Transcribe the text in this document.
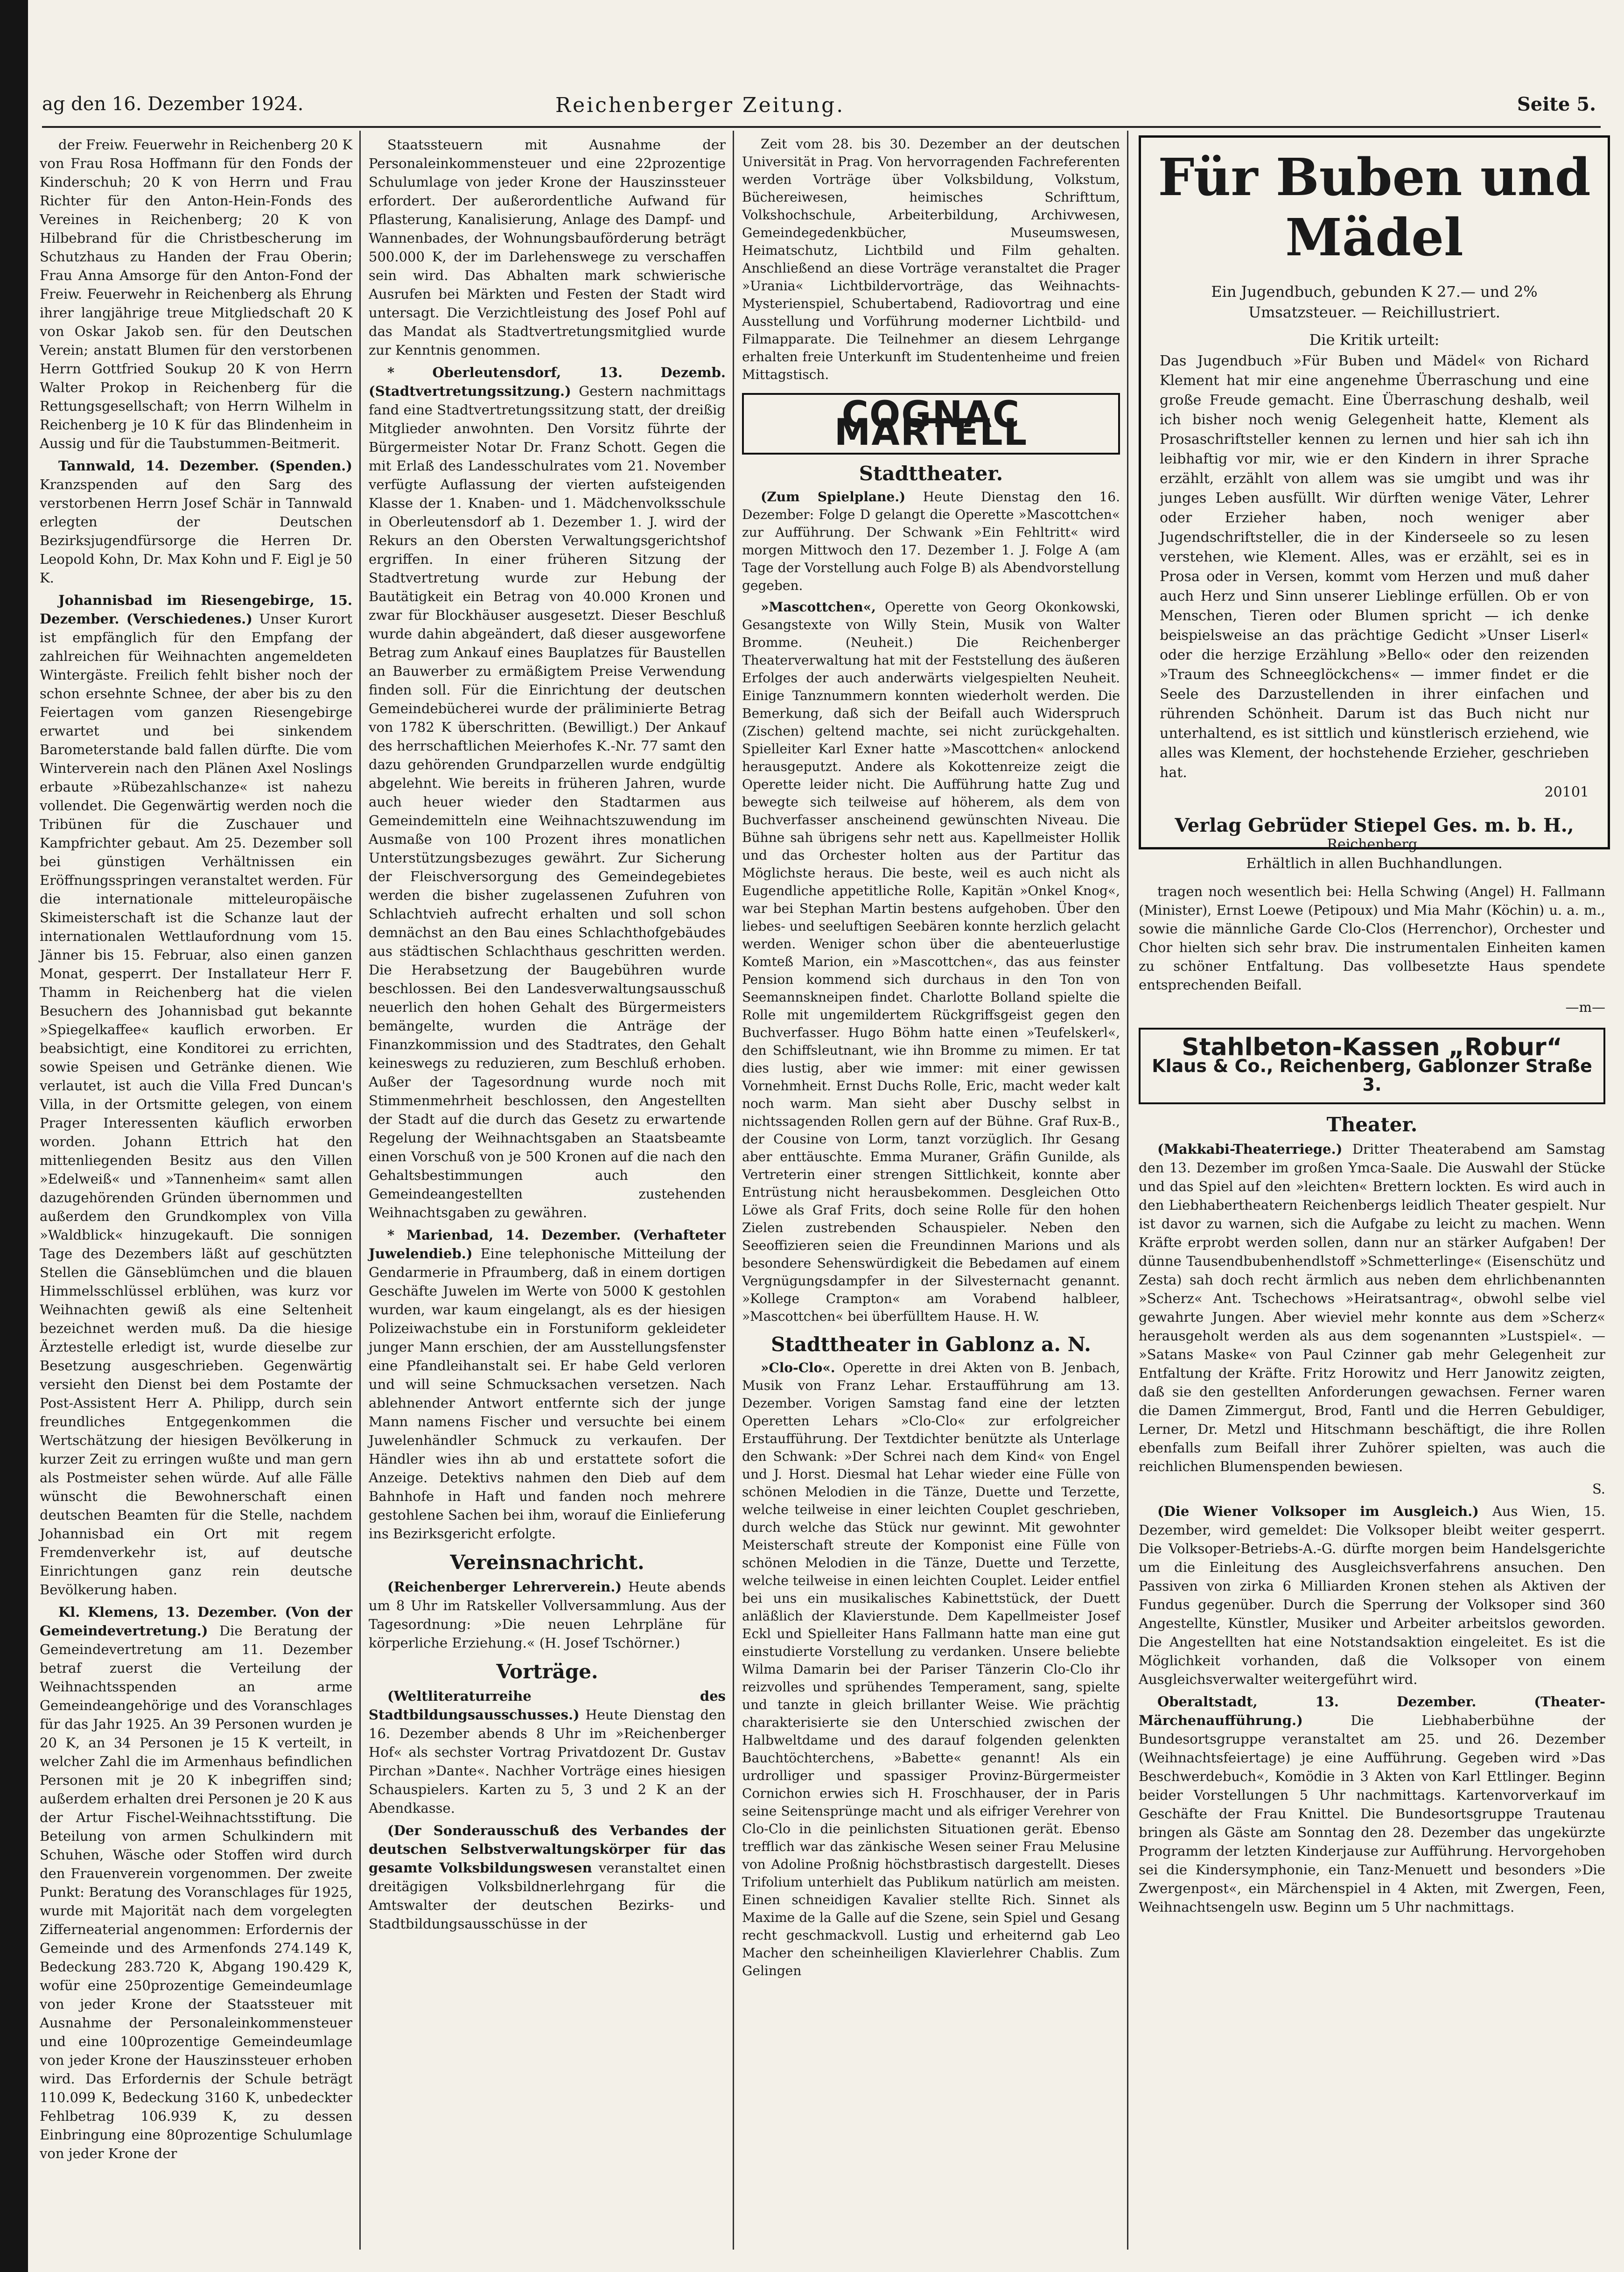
ag den 16. Dezember 1924.	Reichenberger Zeitung.	Seite 5.

der Freiw. Feuerwehr in Reichenberg 20 K von Frau Rosa Hoffmann für den Fonds der Kinderschuh; 20 K von Herrn und Frau Richter für den Anton-Hein-Fonds des Vereines in Reichenberg; 20 K von Hilbebrand für die Christbescherung im Schutzhaus zu Handen der Frau Oberin; Frau Anna Amsorge für den Anton-Fond der Freiw. Feuerwehr in Reichenberg als Ehrung ihrer langjährige treue Mitgliedschaft 20 K von Oskar Jakob sen. für den Deutschen Verein; anstatt Blumen für den verstorbenen Herrn Gottfried Soukup 20 K von Herrn Walter Prokop in Reichenberg für die Rettungsgesellschaft; von Herrn Wilhelm in Reichenberg je 10 K für das Blindenheim in Aussig und für die Taubstummen-Beitmerit.

Tannwald, 14. Dezember. (Spenden.) Kranzspenden auf den Sarg des verstorbenen Herrn Josef Schär in Tannwald erlegten der Deutschen Bezirksjugendfürsorge die Herren Dr. Leopold Kohn, Dr. Max Kohn und F. Eigl je 50 K.

Johannisbad im Riesengebirge, 15. Dezember. (Verschiedenes.) Unser Kurort ist empfänglich für den Empfang der zahlreichen für Weihnachten angemeldeten Wintergäste. Freilich fehlt bisher noch der schon ersehnte Schnee, der aber bis zu den Feiertagen vom ganzen Riesengebirge erwartet und bei sinkendem Barometerstande bald fallen dürfte. Die vom Winterverein nach den Plänen Axel Noslings erbaute »Rübezahlschanze« ist nahezu vollendet. Die Gegenwärtig werden noch die Tribünen für die Zuschauer und Kampfrichter gebaut. Am 25. Dezember soll bei günstigen Verhältnissen ein Eröffnungsspringen veranstaltet werden. Für die internationale mitteleuropäische Skimeisterschaft ist die Schanze laut der internationalen Wettlaufordnung vom 15. Jänner bis 15. Februar, also einen ganzen Monat, gesperrt. Der Installateur Herr F. Thamm in Reichenberg hat die vielen Besuchern des Johannisbad gut bekannte »Spiegelkaffee« kauflich erworben. Er beabsichtigt, eine Konditorei zu errichten, sowie Speisen und Getränke dienen. Wie verlautet, ist auch die Villa Fred Duncan's Villa, in der Ortsmitte gelegen, von einem Prager Interessenten käuflich erworben worden. Johann Ettrich hat den mittenliegenden Besitz aus den Villen »Edelweiß« und »Tannenheim« samt allen dazugehörenden Gründen übernommen und außerdem den Grundkomplex von Villa »Waldblick« hinzugekauft. Die sonnigen Tage des Dezembers läßt auf geschützten Stellen die Gänseblümchen und die blauen Himmelsschlüssel erblühen, was kurz vor Weihnachten gewiß als eine Seltenheit bezeichnet werden muß. Da die hiesige Ärztestelle erledigt ist, wurde dieselbe zur Besetzung ausgeschrieben. Gegenwärtig versieht den Dienst bei dem Postamte der Post-Assistent Herr A. Philipp, durch sein freundliches Entgegenkommen die Wertschätzung der hiesigen Bevölkerung in kurzer Zeit zu erringen wußte und man gern als Postmeister sehen würde. Auf alle Fälle wünscht die Bewohnerschaft einen deutschen Beamten für die Stelle, nachdem Johannisbad ein Ort mit regem Fremdenverkehr ist, auf deutsche Einrichtungen ganz rein deutsche Bevölkerung haben.

Kl. Klemens, 13. Dezember. (Von der Gemeindevertretung.) Die Beratung der Gemeindevertretung am 11. Dezember betraf zuerst die Verteilung der Weihnachtsspenden an arme Gemeindeangehörige und des Voranschlages für das Jahr 1925. An 39 Personen wurden je 20 K, an 34 Personen je 15 K verteilt, in welcher Zahl die im Armenhaus befindlichen Personen mit je 20 K inbegriffen sind; außerdem erhalten drei Personen je 20 K aus der Artur Fischel-Weihnachtsstiftung. Die Beteilung von armen Schulkindern mit Schuhen, Wäsche oder Stoffen wird durch den Frauenverein vorgenommen. Der zweite Punkt: Beratung des Voranschlages für 1925, wurde mit Majorität nach dem vorgelegten Zifferneaterial angenommen: Erfordernis der Gemeinde und des Armenfonds 274.149 K, Bedeckung 283.720 K, Abgang 190.429 K, wofür eine 250prozentige Gemeindeumlage von jeder Krone der Staatssteuer mit Ausnahme der Personaleinkommensteuer und eine 100prozentige Gemeindeumlage von jeder Krone der Hauszinssteuer erhoben wird. Das Erfordernis der Schule beträgt 110.099 K, Bedeckung 3160 K, unbedeckter Fehlbetrag 106.939 K, zu dessen Einbringung eine 80prozentige Schulumlage von jeder Krone der

Staatssteuern mit Ausnahme der Personaleinkommensteuer und eine 22prozentige Schulumlage von jeder Krone der Hauszinssteuer erfordert. Der außerordentliche Aufwand für Pflasterung, Kanalisierung, Anlage des Dampf- und Wannenbades, der Wohnungsbauförderung beträgt 500.000 K, der im Darlehenswege zu verschaffen sein wird. Das Abhalten mark schwierische Ausrufen bei Märkten und Festen der Stadt wird untersagt. Die Verzichtleistung des Josef Pohl auf das Mandat als Stadtvertretungsmitglied wurde zur Kenntnis genommen.

* Oberleutensdorf, 13. Dezemb. (Stadtvertretungssitzung.) Gestern nachmittags fand eine Stadtvertretungssitzung statt, der dreißig Mitglieder anwohnten. Den Vorsitz führte der Bürgermeister Notar Dr. Franz Schott. Gegen die mit Erlaß des Landesschulrates vom 21. November verfügte Auflassung der vierten aufsteigenden Klasse der 1. Knaben- und 1. Mädchenvolksschule in Oberleutensdorf ab 1. Dezember 1. J. wird der Rekurs an den Obersten Verwaltungsgerichtshof ergriffen. In einer früheren Sitzung der Stadtvertretung wurde zur Hebung der Bautätigkeit ein Betrag von 40.000 Kronen und zwar für Blockhäuser ausgesetzt. Dieser Beschluß wurde dahin abgeändert, daß dieser ausgeworfene Betrag zum Ankauf eines Bauplatzes für Baustellen an Bauwerber zu ermäßigtem Preise Verwendung finden soll. Für die Einrichtung der deutschen Gemeindebücherei wurde der präliminierte Betrag von 1782 K überschritten. (Bewilligt.) Der Ankauf des herrschaftlichen Meierhofes K.-Nr. 77 samt den dazu gehörenden Grundparzellen wurde endgültig abgelehnt. Wie bereits in früheren Jahren, wurde auch heuer wieder den Stadtarmen aus Gemeindemitteln eine Weihnachtszuwendung im Ausmaße von 100 Prozent ihres monatlichen Unterstützungsbezuges gewährt. Zur Sicherung der Fleischversorgung des Gemeindegebietes werden die bisher zugelassenen Zufuhren von Schlachtvieh aufrecht erhalten und soll schon demnächst an den Bau eines Schlachthofgebäudes aus städtischen Schlachthaus geschritten werden. Die Herabsetzung der Baugebühren wurde beschlossen. Bei den Landesverwaltungsausschuß neuerlich den hohen Gehalt des Bürgermeisters bemängelte, wurden die Anträge der Finanzkommission und des Stadtrates, den Gehalt keineswegs zu reduzieren, zum Beschluß erhoben. Außer der Tagesordnung wurde noch mit Stimmenmehrheit beschlossen, den Angestellten der Stadt auf die durch das Gesetz zu erwartende Regelung der Weihnachtsgaben an Staatsbeamte einen Vorschuß von je 500 Kronen auf die nach den Gehaltsbestimmungen auch den Gemeindeangestellten zustehenden Weihnachtsgaben zu gewähren.

* Marienbad, 14. Dezember. (Verhafteter Juwelendieb.) Eine telephonische Mitteilung der Gendarmerie in Pfraumberg, daß in einem dortigen Geschäfte Juwelen im Werte von 5000 K gestohlen wurden, war kaum eingelangt, als es der hiesigen Polizeiwachstube ein in Forstuniform gekleideter junger Mann erschien, der am Ausstellungsfenster eine Pfandleihanstalt sei. Er habe Geld verloren und will seine Schmucksachen versetzen. Nach ablehnender Antwort entfernte sich der junge Mann namens Fischer und versuchte bei einem Juwelenhändler Schmuck zu verkaufen. Der Händler wies ihn ab und erstattete sofort die Anzeige. Detektivs nahmen den Dieb auf dem Bahnhofe in Haft und fanden noch mehrere gestohlene Sachen bei ihm, worauf die Einlieferung ins Bezirksgericht erfolgte.

Vereinsnachricht.

(Reichenberger Lehrerverein.) Heute abends um 8 Uhr im Ratskeller Vollversammlung. Aus der Tagesordnung: »Die neuen Lehrpläne für körperliche Erziehung.« (H. Josef Tschörner.)

Vorträge.

(Weltliteraturreihe des Stadtbildungsausschusses.) Heute Dienstag den 16. Dezember abends 8 Uhr im »Reichenberger Hof« als sechster Vortrag Privatdozent Dr. Gustav Pirchan »Dante«. Nachher Vorträge eines hiesigen Schauspielers. Karten zu 5, 3 und 2 K an der Abendkasse.

(Der Sonderausschuß des Verbandes der deutschen Selbstverwaltungskörper für das gesamte Volksbildungswesen veranstaltet einen dreitägigen Volksbildnerlehrgang für die Amtswalter der deutschen Bezirks- und Stadtbildungsausschüsse in der

Zeit vom 28. bis 30. Dezember an der deutschen Universität in Prag. Von hervorragenden Fachreferenten werden Vorträge über Volksbildung, Volkstum, Büchereiwesen, heimisches Schrifttum, Volkshochschule, Arbeiterbildung, Archivwesen, Gemeindegedenkbücher, Museumswesen, Heimatschutz, Lichtbild und Film gehalten. Anschließend an diese Vorträge veranstaltet die Prager »Urania« Lichtbildervorträge, das Weihnachts-Mysterienspiel, Schubertabend, Radiovortrag und eine Ausstellung und Vorführung moderner Lichtbild- und Filmapparate. Die Teilnehmer an diesem Lehrgange erhalten freie Unterkunft im Studentenheime und freien Mittagstisch.

COGNAC MARTELL
Stadttheater.

(Zum Spielplane.) Heute Dienstag den 16. Dezember: Folge D gelangt die Operette »Mascottchen« zur Aufführung. Der Schwank »Ein Fehltritt« wird morgen Mittwoch den 17. Dezember 1. J. Folge A (am Tage der Vorstellung auch Folge B) als Abendvorstellung gegeben.

»Mascottchen«, Operette von Georg Okonkowski, Gesangstexte von Willy Stein, Musik von Walter Bromme. (Neuheit.) Die Reichenberger Theaterverwaltung hat mit der Feststellung des äußeren Erfolges der auch anderwärts vielgespielten Neuheit. Einige Tanznummern konnten wiederholt werden. Die Bemerkung, daß sich der Beifall auch Widerspruch (Zischen) geltend machte, sei nicht zurückgehalten. Spielleiter Karl Exner hatte »Mascottchen« anlockend herausgeputzt. Andere als Kokottenreize zeigt die Operette leider nicht. Die Aufführung hatte Zug und bewegte sich teilweise auf höherem, als dem von Buchverfasser anscheinend gewünschten Niveau. Die Bühne sah übrigens sehr nett aus. Kapellmeister Hollik und das Orchester holten aus der Partitur das Möglichste heraus. Die beste, weil es auch nicht als Eugendliche appetitliche Rolle, Kapitän »Onkel Knog«, war bei Stephan Martin bestens aufgehoben. Über den liebes- und seeluftigen Seebären konnte herzlich gelacht werden. Weniger schon über die abenteuerlustige Komteß Marion, ein »Mascottchen«, das aus feinster Pension kommend sich durchaus in den Ton von Seemannskneipen findet. Charlotte Bolland spielte die Rolle mit ungemildertem Rückgriffsgeist gegen den Buchverfasser. Hugo Böhm hatte einen »Teufelskerl«, den Schiffsleutnant, wie ihn Bromme zu mimen. Er tat dies lustig, aber wie immer: mit einer gewissen Vornehmheit. Ernst Duchs Rolle, Eric, macht weder kalt noch warm. Man sieht aber Duschy selbst in nichtssagenden Rollen gern auf der Bühne. Graf Rux-B., der Cousine von Lorm, tanzt vorzüglich. Ihr Gesang aber enttäuschte. Emma Muraner, Gräfin Gunilde, als Vertreterin einer strengen Sittlichkeit, konnte aber Entrüstung nicht herausbekommen. Desgleichen Otto Löwe als Graf Frits, doch seine Rolle für den hohen Zielen zustrebenden Schauspieler. Neben den Seeoffizieren seien die Freundinnen Marions und als besondere Sehenswürdigkeit die Bebedamen auf einem Vergnügungsdampfer in der Silvesternacht genannt. »Kollege Crampton« am Vorabend halbleer, »Mascottchen« bei überfülltem Hause. H. W.

Stadttheater in Gablonz a. N.

»Clo-Clo«. Operette in drei Akten von B. Jenbach, Musik von Franz Lehar. Erstaufführung am 13. Dezember. Vorigen Samstag fand eine der letzten Operetten Lehars »Clo-Clo« zur erfolgreicher Erstaufführung. Der Textdichter benützte als Unterlage den Schwank: »Der Schrei nach dem Kind« von Engel und J. Horst. Diesmal hat Lehar wieder eine Fülle von schönen Melodien in die Tänze, Duette und Terzette, welche teilweise in einer leichten Couplet geschrieben, durch welche das Stück nur gewinnt. Mit gewohnter Meisterschaft streute der Komponist eine Fülle von schönen Melodien in die Tänze, Duette und Terzette, welche teilweise in einen leichten Couplet. Leider entfiel bei uns ein musikalisches Kabinettstück, der Duett anläßlich der Klavierstunde. Dem Kapellmeister Josef Eckl und Spielleiter Hans Fallmann hatte man eine gut einstudierte Vorstellung zu verdanken. Unsere beliebte Wilma Damarin bei der Pariser Tänzerin Clo-Clo ihr reizvolles und sprühendes Temperament, sang, spielte und tanzte in gleich brillanter Weise. Wie prächtig charakterisierte sie den Unterschied zwischen der Halbweltdame und des darauf folgenden gelenkten Bauchtöchterchens, »Babette« genannt! Als ein urdrolliger und spassiger Provinz-Bürgermeister Cornichon erwies sich H. Froschhauser, der in Paris seine Seitensprünge macht und als eifriger Verehrer von Clo-Clo in die peinlichsten Situationen gerät. Ebenso trefflich war das zänkische Wesen seiner Frau Melusine von Adoline Proßnig höchstbrastisch dargestellt. Dieses Trifolium unterhielt das Publikum natürlich am meisten. Einen schneidigen Kavalier stellte Rich. Sinnet als Maxime de la Galle auf die Szene, sein Spiel und Gesang recht geschmackvoll. Lustig und erheiternd gab Leo Macher den scheinheiligen Klavierlehrer Chablis. Zum Gelingen

Für Buben und Mädel
Ein Jugendbuch, gebunden K 27.— und 2% Umsatzsteuer. — Reichillustriert.
Die Kritik urteilt:
Das Jugendbuch »Für Buben und Mädel« von Richard Klement hat mir eine angenehme Überraschung und eine große Freude gemacht. Eine Überraschung deshalb, weil ich bisher noch wenig Gelegenheit hatte, Klement als Prosaschriftsteller kennen zu lernen und hier sah ich ihn leibhaftig vor mir, wie er den Kindern in ihrer Sprache erzählt, erzählt von allem was sie umgibt und was ihr junges Leben ausfüllt. Wir dürften wenige Väter, Lehrer oder Erzieher haben, noch weniger aber Jugendschriftsteller, die in der Kinderseele so zu lesen verstehen, wie Klement. Alles, was er erzählt, sei es in Prosa oder in Versen, kommt vom Herzen und muß daher auch Herz und Sinn unserer Lieblinge erfüllen. Ob er von Menschen, Tieren oder Blumen spricht — ich denke beispielsweise an das prächtige Gedicht »Unser Liserl« oder die herzige Erzählung »Bello« oder den reizenden »Traum des Schneeglöckchens« — immer findet er die Seele des Darzustellenden in ihrer einfachen und rührenden Schönheit. Darum ist das Buch nicht nur unterhaltend, es ist sittlich und künstlerisch erziehend, wie alles was Klement, der hochstehende Erzieher, geschrieben hat.
20101
Verlag Gebrüder Stiepel Ges. m. b. H.,
Reichenberg.
Erhältlich in allen Buchhandlungen.

tragen noch wesentlich bei: Hella Schwing (Angel) H. Fallmann (Minister), Ernst Loewe (Petipoux) und Mia Mahr (Köchin) u. a. m., sowie die männliche Garde Clo-Clos (Herrenchor), Orchester und Chor hielten sich sehr brav. Die instrumentalen Einheiten kamen zu schöner Entfaltung. Das vollbesetzte Haus spendete entsprechenden Beifall.

—m—

Stahlbeton-Kassen „Robur“
Klaus & Co., Reichenberg, Gablonzer Straße 3.
Theater.

(Makkabi-Theaterriege.) Dritter Theaterabend am Samstag den 13. Dezember im großen Ymca-Saale. Die Auswahl der Stücke und das Spiel auf den »leichten« Brettern lockten. Es wird auch in den Liebhabertheatern Reichenbergs leidlich Theater gespielt. Nur ist davor zu warnen, sich die Aufgabe zu leicht zu machen. Wenn Kräfte erprobt werden sollen, dann nur an stärker Aufgaben! Der dünne Tausendbubenhendlstoff »Schmetterlinge« (Eisenschütz und Zesta) sah doch recht ärmlich aus neben dem ehrlichbenannten »Scherz« Ant. Tschechows »Heiratsantrag«, obwohl selbe viel gewahrte Jungen. Aber wieviel mehr konnte aus dem »Scherz« herausgeholt werden als aus dem sogenannten »Lustspiel«. — »Satans Maske« von Paul Czinner gab mehr Gelegenheit zur Entfaltung der Kräfte. Fritz Horowitz und Herr Janowitz zeigten, daß sie den gestellten Anforderungen gewachsen. Ferner waren die Damen Zimmergut, Brod, Fantl und die Herren Gebuldiger, Lerner, Dr. Metzl und Hitschmann beschäftigt, die ihre Rollen ebenfalls zum Beifall ihrer Zuhörer spielten, was auch die reichlichen Blumenspenden bewiesen.

S.

(Die Wiener Volksoper im Ausgleich.) Aus Wien, 15. Dezember, wird gemeldet: Die Volksoper bleibt weiter gesperrt. Die Volksoper-Betriebs-A.-G. dürfte morgen beim Handelsgerichte um die Einleitung des Ausgleichsverfahrens ansuchen. Den Passiven von zirka 6 Milliarden Kronen stehen als Aktiven der Fundus gegenüber. Durch die Sperrung der Volksoper sind 360 Angestellte, Künstler, Musiker und Arbeiter arbeitslos geworden. Die Angestellten hat eine Notstandsaktion eingeleitet. Es ist die Möglichkeit vorhanden, daß die Volksoper von einem Ausgleichsverwalter weitergeführt wird.

Oberaltstadt, 13. Dezember. (Theater-Märchenaufführung.)	Die Liebhaberbühne der Bundesortsgruppe veranstaltet am 25. und 26. Dezember (Weihnachtsfeiertage) je eine Aufführung. Gegeben wird »Das Beschwerdebuch«, Komödie in 3 Akten von Karl Ettlinger. Beginn beider Vorstellungen 5 Uhr nachmittags. Kartenvorverkauf im Geschäfte der Frau Knittel. Die Bundesortsgruppe Trautenau bringen als Gäste am Sonntag den 28. Dezember das ungekürzte Programm der letzten Kinderjause zur Aufführung. Hervorgehoben sei die Kindersymphonie, ein Tanz-Menuett und besonders »Die Zwergenpost«, ein Märchenspiel in 4 Akten, mit Zwergen, Feen, Weihnachtsengeln usw. Beginn um 5 Uhr nachmittags.
